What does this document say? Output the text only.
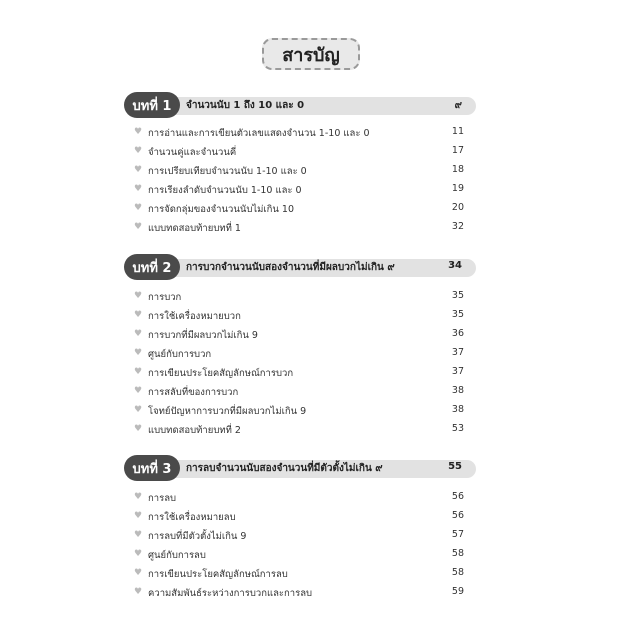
สารบัญ
บทที่ 1	จำนวนนับ 1 ถึง 10 และ 0	๙
♥ การอ่านและการเขียนตัวเลขแสดงจำนวน 1-10 และ 0	11
♥ จำนวนคู่และจำนวนคี่	17
♥ การเปรียบเทียบจำนวนนับ 1-10 และ 0	18
♥ การเรียงลำดับจำนวนนับ 1-10 และ 0	19
♥ การจัดกลุ่มของจำนวนนับไม่เกิน 10	20
♥ แบบทดสอบท้ายบทที่ 1	32
บทที่ 2	การบวกจำนวนนับสองจำนวนที่มีผลบวกไม่เกิน ๙	34
♥ การบวก	35
♥ การใช้เครื่องหมายบวก	35
♥ การบวกที่มีผลบวกไม่เกิน 9	36
♥ ศูนย์กับการบวก	37
♥ การเขียนประโยคสัญลักษณ์การบวก	37
♥ การสลับที่ของการบวก	38
♥ โจทย์ปัญหาการบวกที่มีผลบวกไม่เกิน 9	38
♥ แบบทดสอบท้ายบทที่ 2	53
บทที่ 3	การลบจำนวนนับสองจำนวนที่มีตัวตั้งไม่เกิน ๙	55
♥ การลบ	56
♥ การใช้เครื่องหมายลบ	56
♥ การลบที่มีตัวตั้งไม่เกิน 9	57
♥ ศูนย์กับการลบ	58
♥ การเขียนประโยคสัญลักษณ์การลบ	58
♥ ความสัมพันธ์ระหว่างการบวกและการลบ	59
